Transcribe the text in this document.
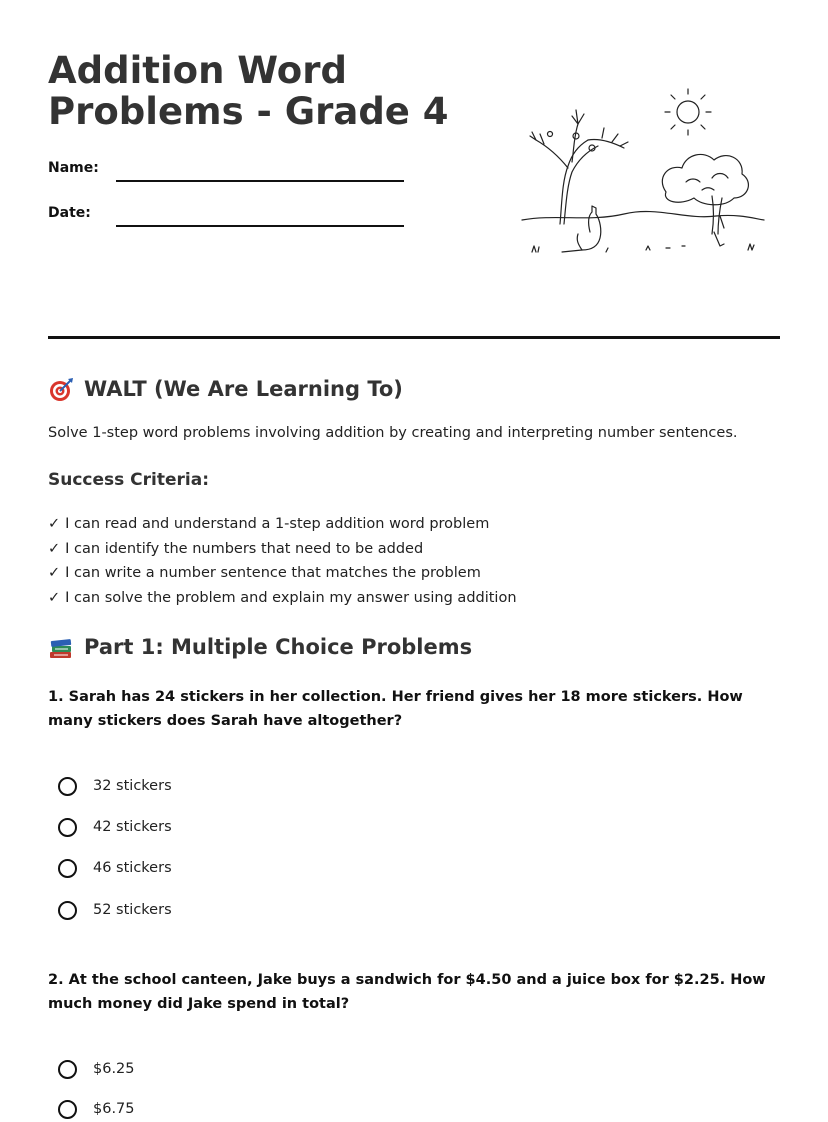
Addition Word
Problems - Grade 4
Name:
Date:
WALT (We Are Learning To)
Solve 1-step word problems involving addition by creating and interpreting number sentences.
Success Criteria:
✓ I can read and understand a 1-step addition word problem
✓ I can identify the numbers that need to be added
✓ I can write a number sentence that matches the problem
✓ I can solve the problem and explain my answer using addition
Part 1: Multiple Choice Problems

1. Sarah has 24 stickers in her collection. Her friend gives her 18 more stickers. How many stickers does Sarah have altogether?

32 stickers
42 stickers
46 stickers
52 stickers

2. At the school canteen, Jake buys a sandwich for $4.50 and a juice box for $2.25. How much money did Jake spend in total?

$6.25
$6.75
